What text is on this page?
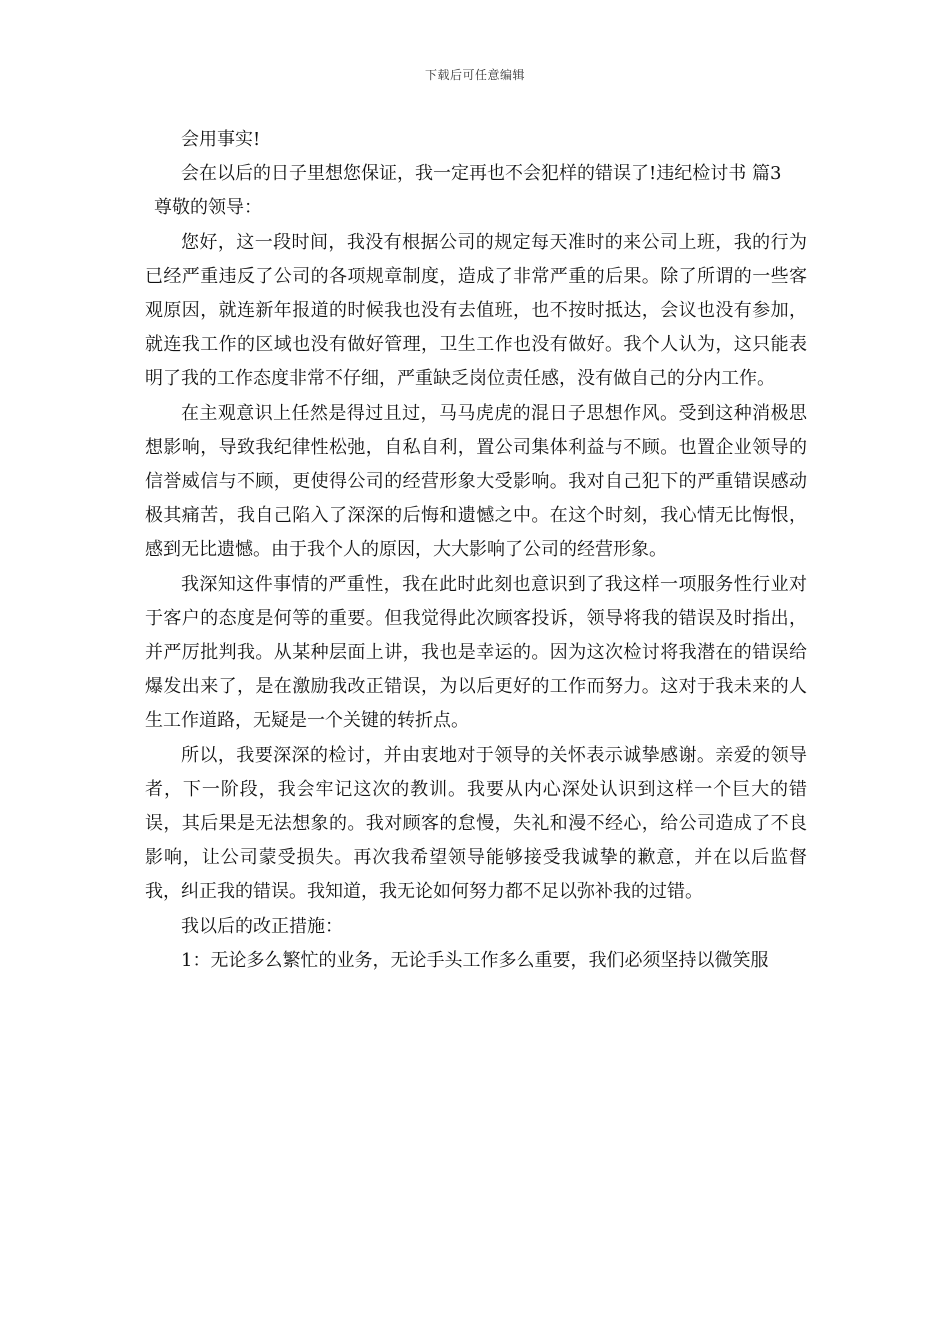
下载后可任意编辑

会用事实!

会在以后的日子里想您保证，我一定再也不会犯样的错误了!违纪检讨书 篇3

尊敬的领导：

您好，这一段时间，我没有根据公司的规定每天准时的来公司上班，我的行为已经严重违反了公司的各项规章制度，造成了非常严重的后果。除了所谓的一些客观原因，就连新年报道的时候我也没有去值班，也不按时抵达，会议也没有参加，就连我工作的区域也没有做好管理，卫生工作也没有做好。我个人认为，这只能表明了我的工作态度非常不仔细，严重缺乏岗位责任感，没有做自己的分内工作。

在主观意识上任然是得过且过，马马虎虎的混日子思想作风。受到这种消极思想影响，导致我纪律性松弛，自私自利，置公司集体利益与不顾。也置企业领导的信誉威信与不顾，更使得公司的经营形象大受影响。我对自己犯下的严重错误感动极其痛苦，我自己陷入了深深的后悔和遗憾之中。在这个时刻，我心情无比悔恨，感到无比遗憾。由于我个人的原因，大大影响了公司的经营形象。

我深知这件事情的严重性，我在此时此刻也意识到了我这样一项服务性行业对于客户的态度是何等的重要。但我觉得此次顾客投诉，领导将我的错误及时指出，并严厉批判我。从某种层面上讲，我也是幸运的。因为这次检讨将我潜在的错误给爆发出来了，是在激励我改正错误，为以后更好的工作而努力。这对于我未来的人生工作道路，无疑是一个关键的转折点。

所以，我要深深的检讨，并由衷地对于领导的关怀表示诚挚感谢。亲爱的领导者，下一阶段，我会牢记这次的教训。我要从内心深处认识到这样一个巨大的错误，其后果是无法想象的。我对顾客的怠慢，失礼和漫不经心，给公司造成了不良影响，让公司蒙受损失。再次我希望领导能够接受我诚挚的歉意，并在以后监督我，纠正我的错误。我知道，我无论如何努力都不足以弥补我的过错。

我以后的改正措施：

1：无论多么繁忙的业务，无论手头工作多么重要，我们必须坚持以微笑服
